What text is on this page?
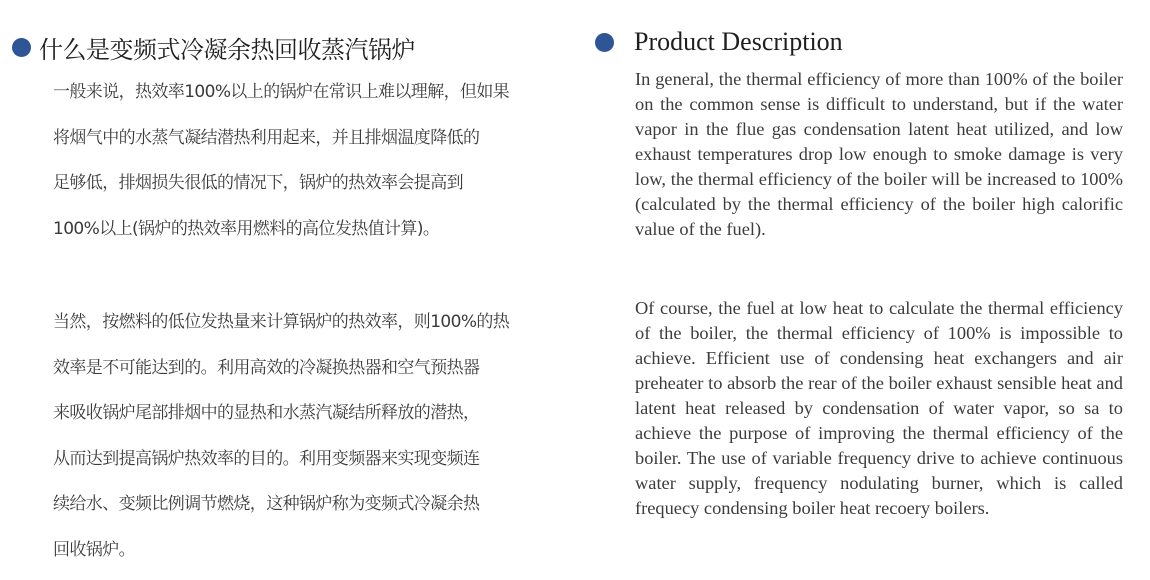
什么是变频式冷凝余热回收蒸汽锅炉

一般来说，热效率100%以上的锅炉在常识上难以理解，但如果
将烟气中的水蒸气凝结潜热利用起来，并且排烟温度降低的
足够低，排烟损失很低的情况下，锅炉的热效率会提高到
100%以上(锅炉的热效率用燃料的高位发热值计算)。

当然，按燃料的低位发热量来计算锅炉的热效率，则100%的热
效率是不可能达到的。利用高效的冷凝换热器和空气预热器
来吸收锅炉尾部排烟中的显热和水蒸汽凝结所释放的潜热，
从而达到提高锅炉热效率的目的。利用变频器来实现变频连
续给水、变频比例调节燃烧，这种锅炉称为变频式冷凝余热
回收锅炉。

Product Description

In general, the thermal efficiency of more than 100% of the boiler on the common sense is difficult to understand, but if the water vapor in the flue gas condensation latent heat utilized, and low exhaust temperatures drop low enough to smoke damage is very low, the thermal efficiency of the boiler will be increased to 100%(calculated by the thermal efficiency of the boiler high calorific value of the fuel).

Of course, the fuel at low heat to calculate the thermal efficiency of the boiler, the thermal efficiency of 100% is impossible to achieve. Efficient use of condensing heat exchangers and air preheater to absorb the rear of the boiler exhaust sensible heat and latent heat released by condensation of water vapor, so sa to achieve the purpose of improving the thermal efficiency of the boiler. The use of variable frequency drive to achieve continuous water supply, frequency nodulating burner, which is called frequecy condensing boiler heat recoery boilers.
